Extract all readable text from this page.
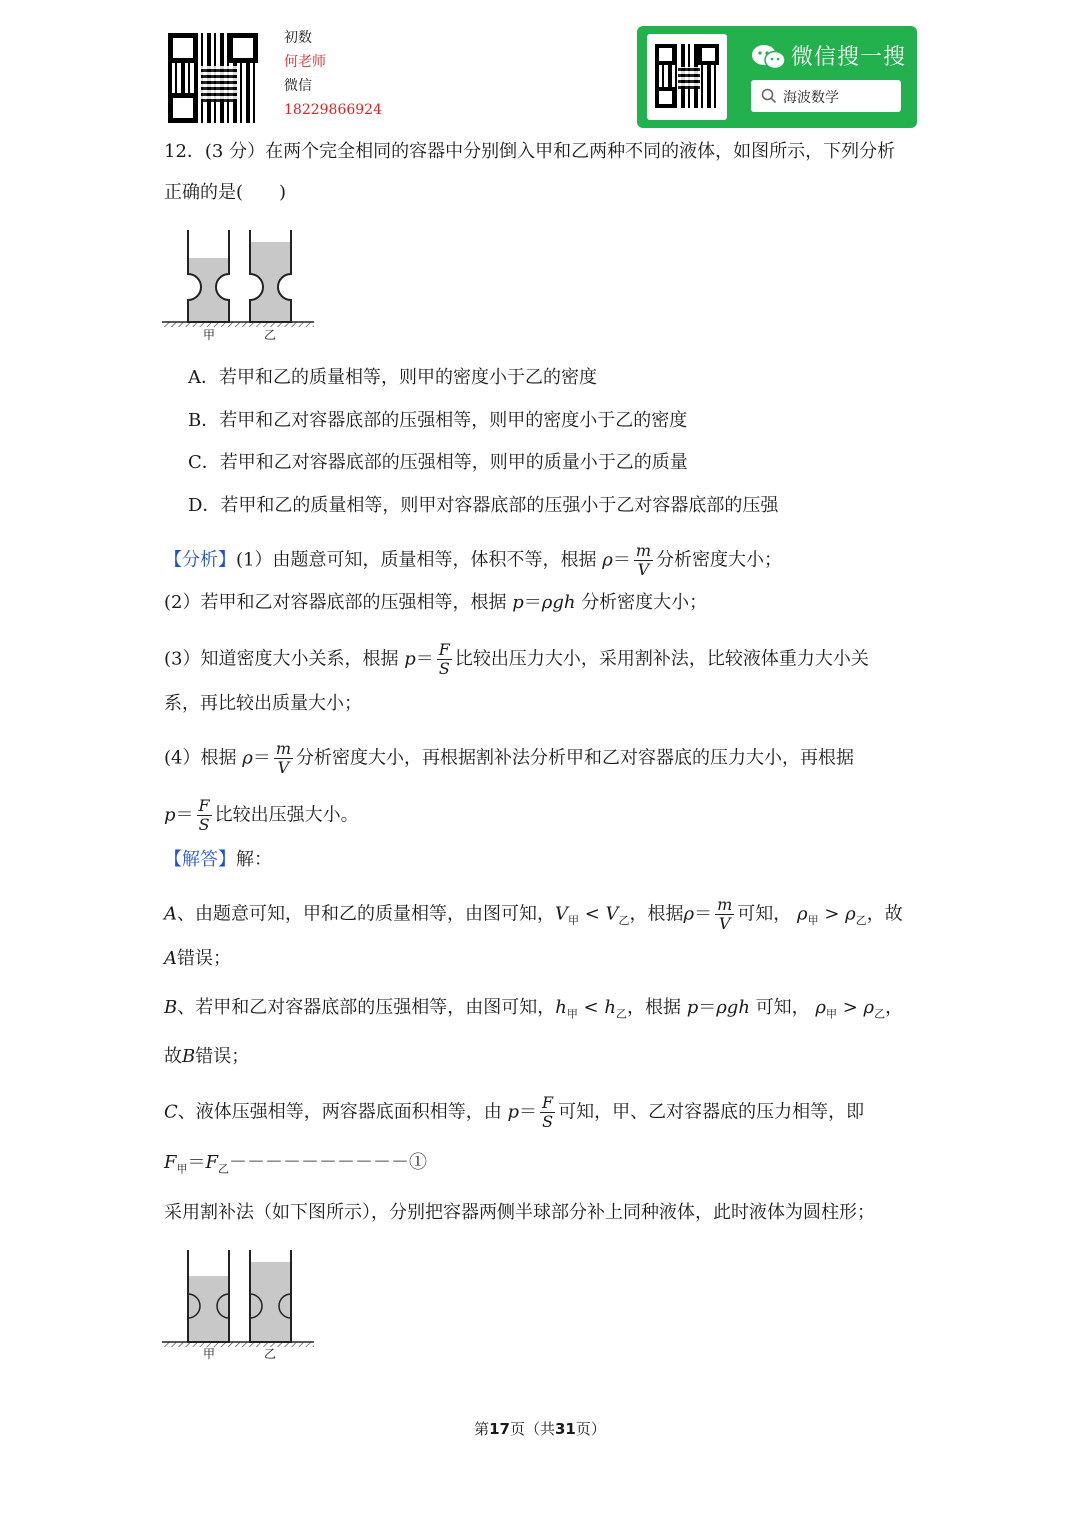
初数
何老师
微信
18229866924
微信搜一搜
海波数学
12．(3 分）在两个完全相同的容器中分别倒入甲和乙两种不同的液体，如图所示，下列分析
正确的是(　　)
甲	乙
A．若甲和乙的质量相等，则甲的密度小于乙的密度
B．若甲和乙对容器底部的压强相等，则甲的密度小于乙的密度
C．若甲和乙对容器底部的压强相等，则甲的质量小于乙的质量
D．若甲和乙的质量相等，则甲对容器底部的压强小于乙对容器底部的压强
【分析】(1）由题意可知，质量相等，体积不等，根据 $\rho= \frac{m}{V}$ 分析密度大小；
(2）若甲和乙对容器底部的压强相等，根据 p＝ρgh 分析密度大小；
(3）知道密度大小关系，根据 $p= \frac{F}{S}$ 比较出压力大小，采用割补法，比较液体重力大小关
系，再比较出质量大小；
(4）根据 $\rho= \frac{m}{V}$ 分析密度大小，再根据割补法分析甲和乙对容器底的压力大小，再根据
$p= \frac{F}{S}$ 比较出压强大小。
【解答】解：
A、由题意可知，甲和乙的质量相等，由图可知，$V_甲 < V_乙$，根据$\rho= \frac{m}{V}$ 可知， $\rho_甲 > \rho_乙$，故
A错误；
B、若甲和乙对容器底部的压强相等，由图可知，$h_甲 < h_乙$，根据 p＝ρgh 可知， $\rho_甲 > \rho_乙$，
故B错误；
C、液体压强相等，两容器底面积相等，由 $p= \frac{F}{S}$ 可知，甲、乙对容器底的压力相等，即
$F_甲=F_乙----------①$
采用割补法（如下图所示），分别把容器两侧半球部分补上同种液体，此时液体为圆柱形；
甲	乙
第17页（共31页）
